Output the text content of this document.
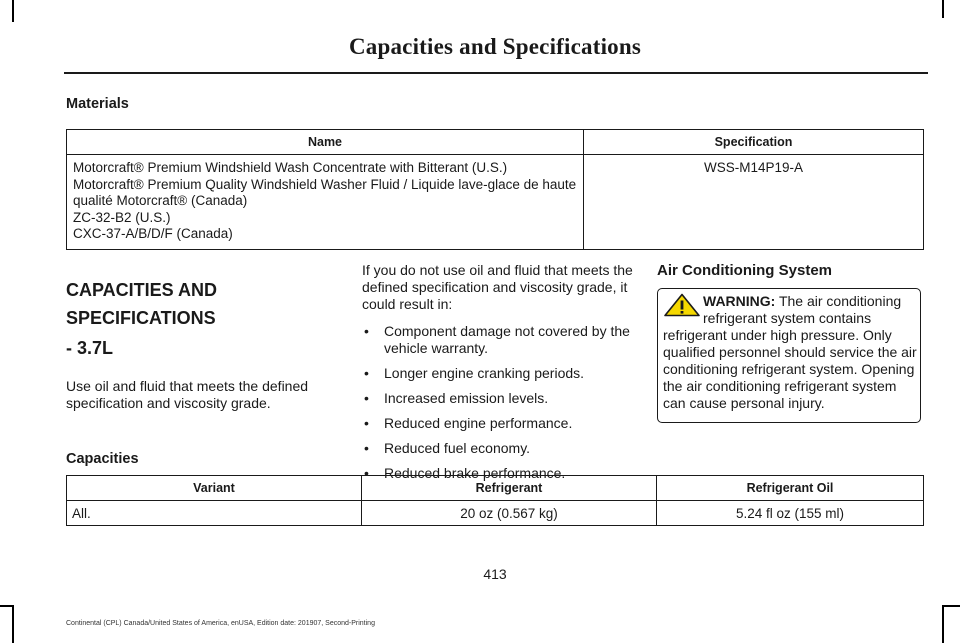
Capacities and Specifications
Materials
Name	Specification

Motorcraft® Premium Windshield Wash Concentrate with Bitterant (U.S.)
Motorcraft® Premium Quality Windshield Washer Fluid / Liquide lave-glace de haute
qualité Motorcraft® (Canada)
ZC-32-B2 (U.S.)
CXC-37-A/B/D/F (Canada)	WSS-M14P19-A

CAPACITIES AND SPECIFICATIONS

- 3.7L

Use oil and fluid that meets the defined specification and viscosity grade.

If you do not use oil and fluid that meets the defined specification and viscosity grade, it could result in:

• Component damage not covered by the vehicle warranty.
• Longer engine cranking periods.
• Increased emission levels.
• Reduced engine performance.
• Reduced fuel economy.
• Reduced brake performance.

Air Conditioning System

WARNING: The air conditioning refrigerant system contains refrigerant under high pressure. Only qualified personnel should service the air conditioning refrigerant system. Opening the air conditioning refrigerant system can cause personal injury.
Capacities
Variant	Refrigerant	Refrigerant Oil
All.	20 oz (0.567 kg)	5.24 fl oz (155 ml)
413
Continental (CPL) Canada/United States of America, enUSA, Edition date: 201907, Second-Printing
